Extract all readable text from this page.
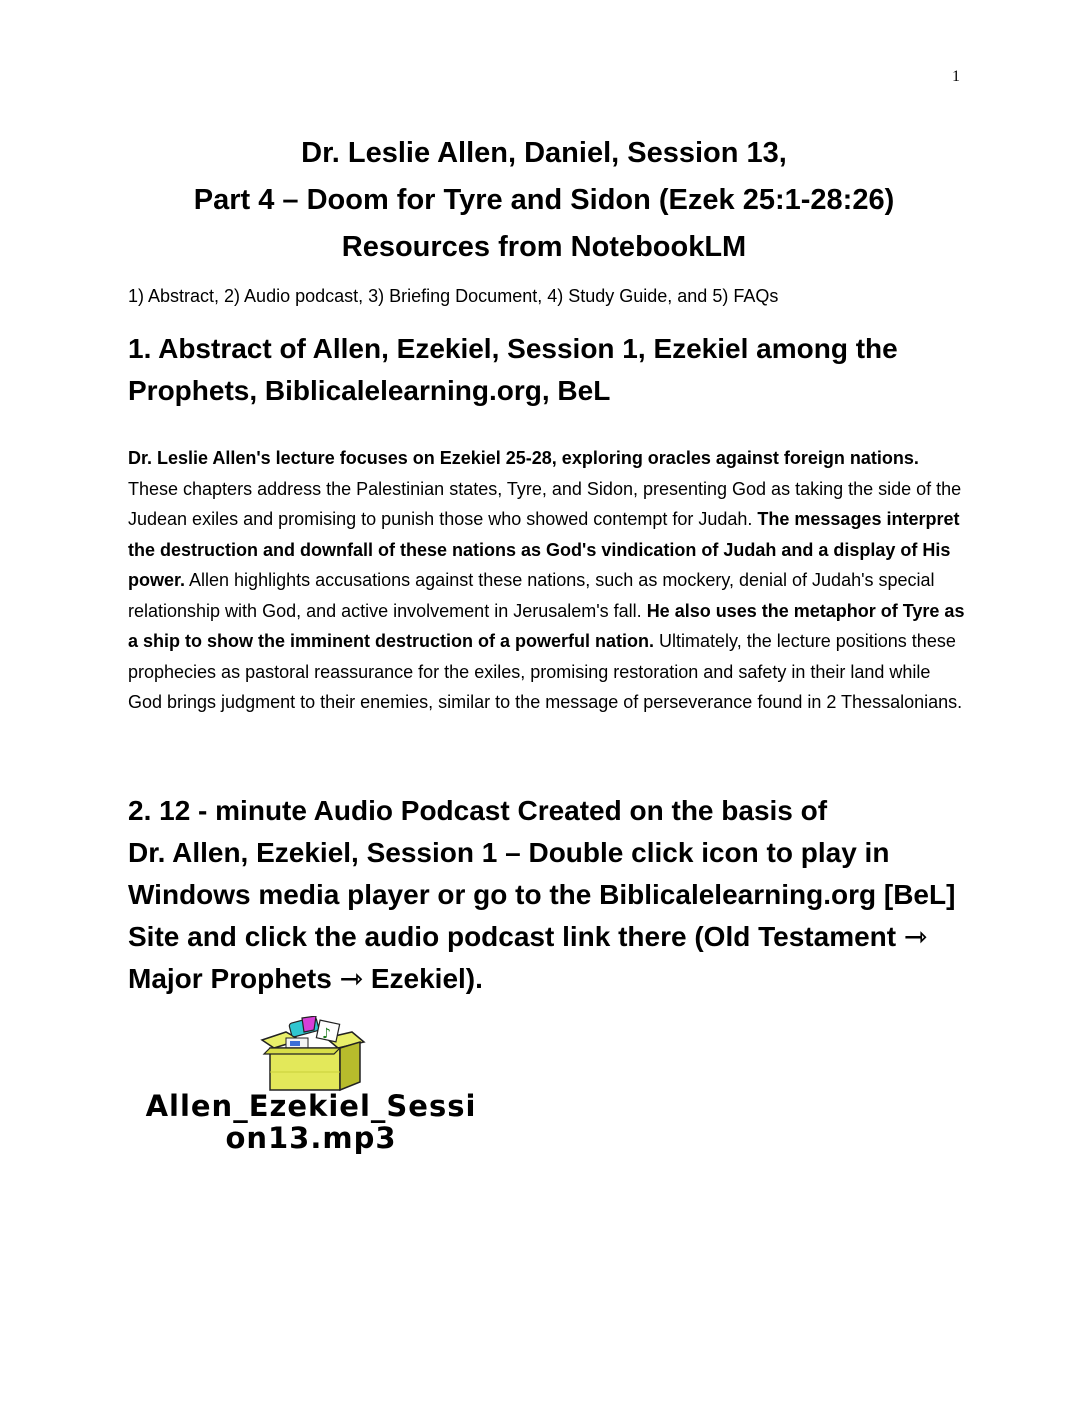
1
Dr. Leslie Allen, Daniel, Session 13,
Part 4 – Doom for Tyre and Sidon (Ezek 25:1-28:26)
Resources from NotebookLM
1) Abstract, 2) Audio podcast, 3) Briefing Document, 4) Study Guide, and 5) FAQs
1. Abstract of Allen, Ezekiel, Session 1, Ezekiel among the Prophets, Biblicalelearning.org, BeL
Dr. Leslie Allen's lecture focuses on Ezekiel 25-28, exploring oracles against foreign nations. These chapters address the Palestinian states, Tyre, and Sidon, presenting God as taking the side of the Judean exiles and promising to punish those who showed contempt for Judah. The messages interpret the destruction and downfall of these nations as God's vindication of Judah and a display of His power. Allen highlights accusations against these nations, such as mockery, denial of Judah's special relationship with God, and active involvement in Jerusalem's fall. He also uses the metaphor of Tyre as a ship to show the imminent destruction of a powerful nation. Ultimately, the lecture positions these prophecies as pastoral reassurance for the exiles, promising restoration and safety in their land while God brings judgment to their enemies, similar to the message of perseverance found in 2 Thessalonians.
2. 12 - minute Audio Podcast Created on the basis of
Dr. Allen, Ezekiel, Session 1 – Double click icon to play in
Windows media player or go to the Biblicalelearning.org [BeL]
Site and click the audio podcast link there (Old Testament ⇾
Major Prophets ⇾ Ezekiel).
♪
Allen_Ezekiel_Sessi
on13.mp3
